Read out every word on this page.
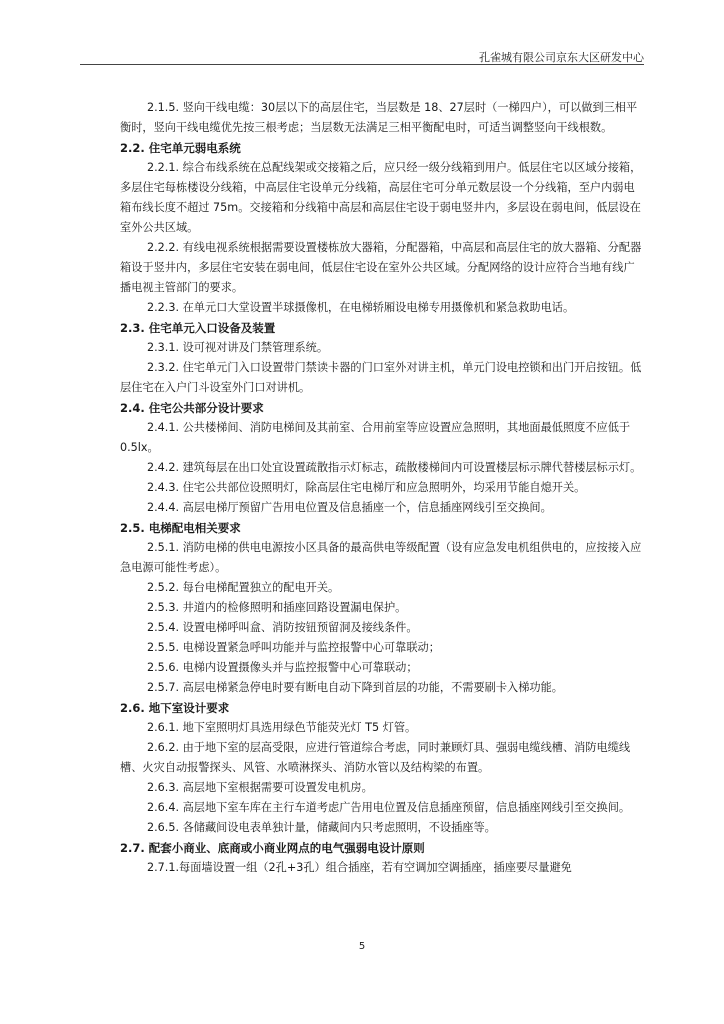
孔雀城有限公司京东大区研发中心

2.1.5. 竖向干线电缆：30层以下的高层住宅，当层数是 18、27层时（一梯四户），可以做到三相平衡时，竖向干线电缆优先按三根考虑；当层数无法满足三相平衡配电时，可适当调整竖向干线根数。

2.2. 住宅单元弱电系统

2.2.1. 综合布线系统在总配线架或交接箱之后，应只经一级分线箱到用户。低层住宅以区域分接箱，多层住宅每栋楼设分线箱，中高层住宅设单元分线箱，高层住宅可分单元数层设一个分线箱，至户内弱电箱布线长度不超过 75m。交接箱和分线箱中高层和高层住宅设于弱电竖井内，多层设在弱电间，低层设在室外公共区域。

2.2.2. 有线电视系统根据需要设置楼栋放大器箱，分配器箱，中高层和高层住宅的放大器箱、分配器箱设于竖井内，多层住宅安装在弱电间，低层住宅设在室外公共区域。分配网络的设计应符合当地有线广播电视主管部门的要求。

2.2.3. 在单元口大堂设置半球摄像机，在电梯轿厢设电梯专用摄像机和紧急救助电话。

2.3. 住宅单元入口设备及装置

2.3.1. 设可视对讲及门禁管理系统。

2.3.2. 住宅单元门入口设置带门禁读卡器的门口室外对讲主机，单元门设电控锁和出门开启按钮。低层住宅在入户门斗设室外门口对讲机。

2.4. 住宅公共部分设计要求

2.4.1. 公共楼梯间、消防电梯间及其前室、合用前室等应设置应急照明，其地面最低照度不应低于 0.5lx。

2.4.2. 建筑每层在出口处宜设置疏散指示灯标志，疏散楼梯间内可设置楼层标示牌代替楼层标示灯。

2.4.3. 住宅公共部位设照明灯，除高层住宅电梯厅和应急照明外，均采用节能自熄开关。

2.4.4. 高层电梯厅预留广告用电位置及信息插座一个，信息插座网线引至交换间。

2.5. 电梯配电相关要求

2.5.1. 消防电梯的供电电源按小区具备的最高供电等级配置（设有应急发电机组供电的，应按接入应急电源可能性考虑）。

2.5.2. 每台电梯配置独立的配电开关。

2.5.3. 井道内的检修照明和插座回路设置漏电保护。

2.5.4. 设置电梯呼叫盒、消防按钮预留洞及接线条件。

2.5.5. 电梯设置紧急呼叫功能并与监控报警中心可靠联动；

2.5.6. 电梯内设置摄像头并与监控报警中心可靠联动；

2.5.7. 高层电梯紧急停电时要有断电自动下降到首层的功能，不需要刷卡入梯功能。

2.6. 地下室设计要求

2.6.1. 地下室照明灯具选用绿色节能荧光灯 T5 灯管。

2.6.2. 由于地下室的层高受限，应进行管道综合考虑，同时兼顾灯具、强弱电缆线槽、消防电缆线槽、火灾自动报警探头、风管、水喷淋探头、消防水管以及结构梁的布置。

2.6.3. 高层地下室根据需要可设置发电机房。

2.6.4. 高层地下室车库在主行车道考虑广告用电位置及信息插座预留，信息插座网线引至交换间。

2.6.5. 各储藏间设电表单独计量，储藏间内只考虑照明，不设插座等。

2.7. 配套小商业、底商或小商业网点的电气强弱电设计原则

2.7.1.每面墙设置一组（2孔+3孔）组合插座，若有空调加空调插座，插座要尽量避免

5
